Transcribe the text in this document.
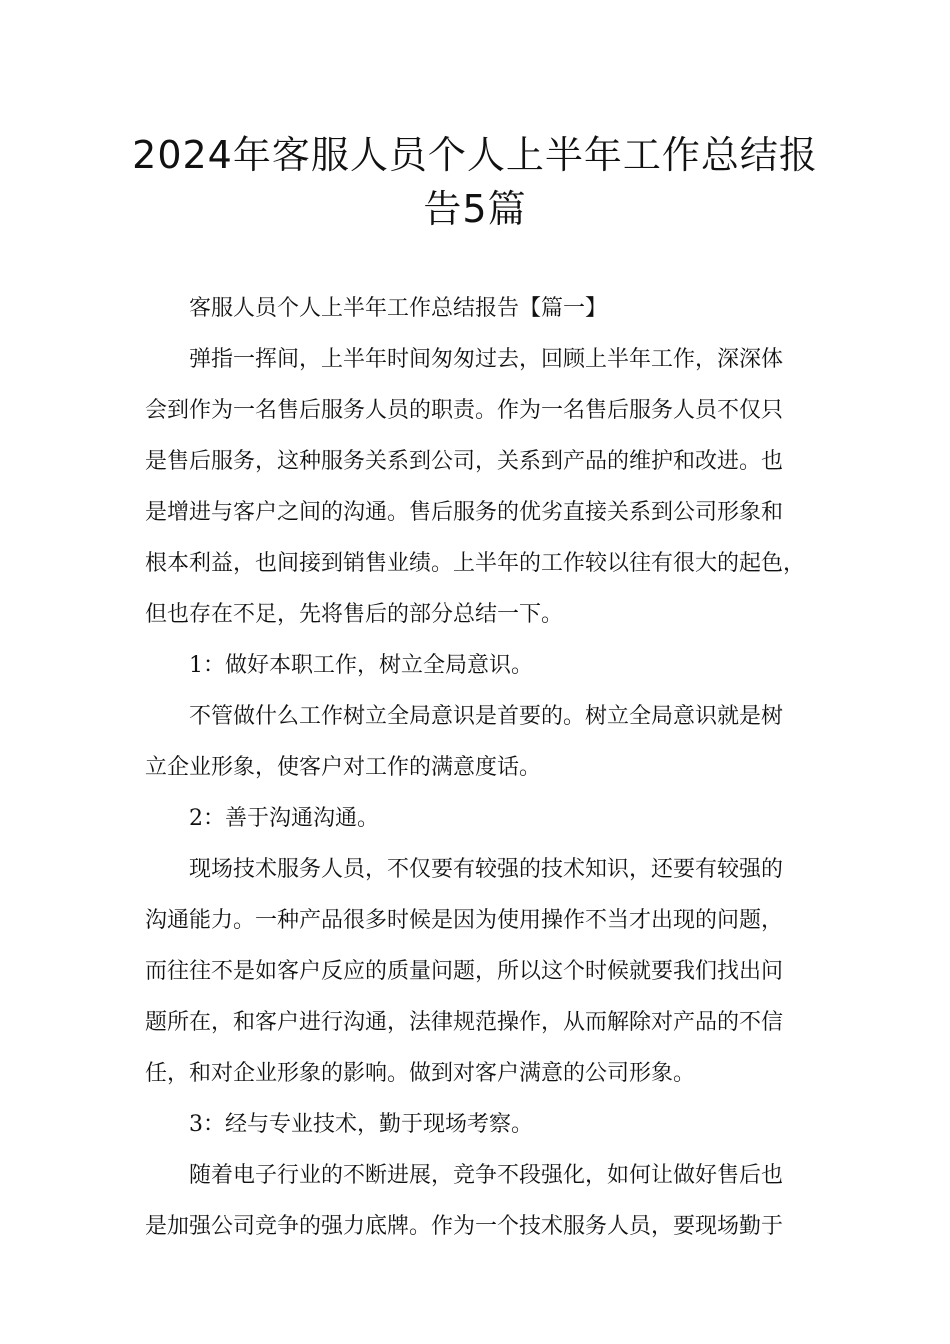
2024年客服人员个人上半年工作总结报
告5篇
客服人员个人上半年工作总结报告【篇一】
弹指一挥间，上半年时间匆匆过去，回顾上半年工作，深深体
会到作为一名售后服务人员的职责。作为一名售后服务人员不仅只
是售后服务，这种服务关系到公司，关系到产品的维护和改进。也
是增进与客户之间的沟通。售后服务的优劣直接关系到公司形象和
根本利益，也间接到销售业绩。上半年的工作较以往有很大的起色，
但也存在不足，先将售后的部分总结一下。
1：做好本职工作，树立全局意识。
不管做什么工作树立全局意识是首要的。树立全局意识就是树
立企业形象，使客户对工作的满意度话。
2：善于沟通沟通。
现场技术服务人员，不仅要有较强的技术知识，还要有较强的
沟通能力。一种产品很多时候是因为使用操作不当才出现的问题，
而往往不是如客户反应的质量问题，所以这个时候就要我们找出问
题所在，和客户进行沟通，法律规范操作，从而解除对产品的不信
任，和对企业形象的影响。做到对客户满意的公司形象。
3：经与专业技术，勤于现场考察。
随着电子行业的不断进展，竞争不段强化，如何让做好售后也
是加强公司竞争的强力底牌。作为一个技术服务人员，要现场勤于
